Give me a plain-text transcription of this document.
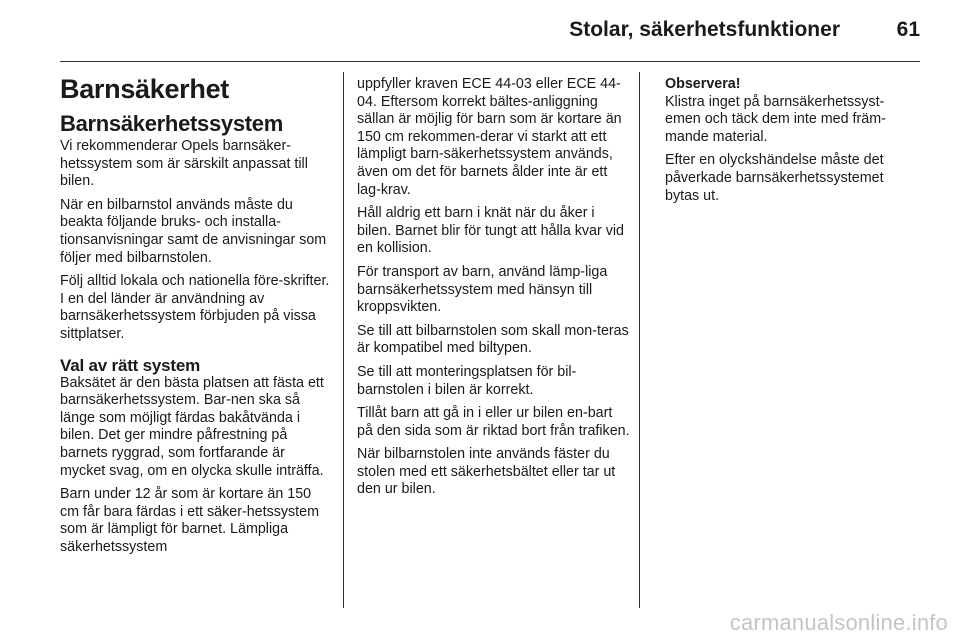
Stolar, säkerhetsfunktioner	61
Barnsäkerhet
Barnsäkerhetssystem

Vi rekommenderar Opels barnsäker-hetssystem som är särskilt anpassat till bilen.

När en bilbarnstol används måste du beakta följande bruks- och installa-tionsanvisningar samt de anvisningar som följer med bilbarnstolen.

Följ alltid lokala och nationella före-skrifter. I en del länder är användning av barnsäkerhetssystem förbjuden på vissa sittplatser.

Val av rätt system

Baksätet är den bästa platsen att fästa ett barnsäkerhetssystem. Bar-nen ska så länge som möjligt färdas bakåtvända i bilen. Det ger mindre påfrestning på barnets ryggrad, som fortfarande är mycket svag, om en olycka skulle inträffa.

Barn under 12 år som är kortare än 150 cm får bara färdas i ett säker-hetssystem som är lämpligt för barnet. Lämpliga säkerhetssystem

uppfyller kraven ECE 44-03 eller ECE 44-04. Eftersom korrekt bältes-anliggning sällan är möjlig för barn som är kortare än 150 cm rekommen-derar vi starkt att ett lämpligt barn-säkerhetssystem används, även om det för barnets ålder inte är ett lag-krav.

Håll aldrig ett barn i knät när du åker i bilen. Barnet blir för tungt att hålla kvar vid en kollision.

För transport av barn, använd lämp-liga barnsäkerhetssystem med hänsyn till kroppsvikten.

Se till att bilbarnstolen som skall mon-teras är kompatibel med biltypen.

Se till att monteringsplatsen för bil-barnstolen i bilen är korrekt.

Tillåt barn att gå in i eller ur bilen en-bart på den sida som är riktad bort från trafiken.

När bilbarnstolen inte används fäster du stolen med ett säkerhetsbältet eller tar ut den ur bilen.

Observera!

Klistra inget på barnsäkerhetssyst-emen och täck dem inte med främ-mande material.

Efter en olyckshändelse måste det påverkade barnsäkerhetssystemet bytas ut.

carmanualsonline.info
